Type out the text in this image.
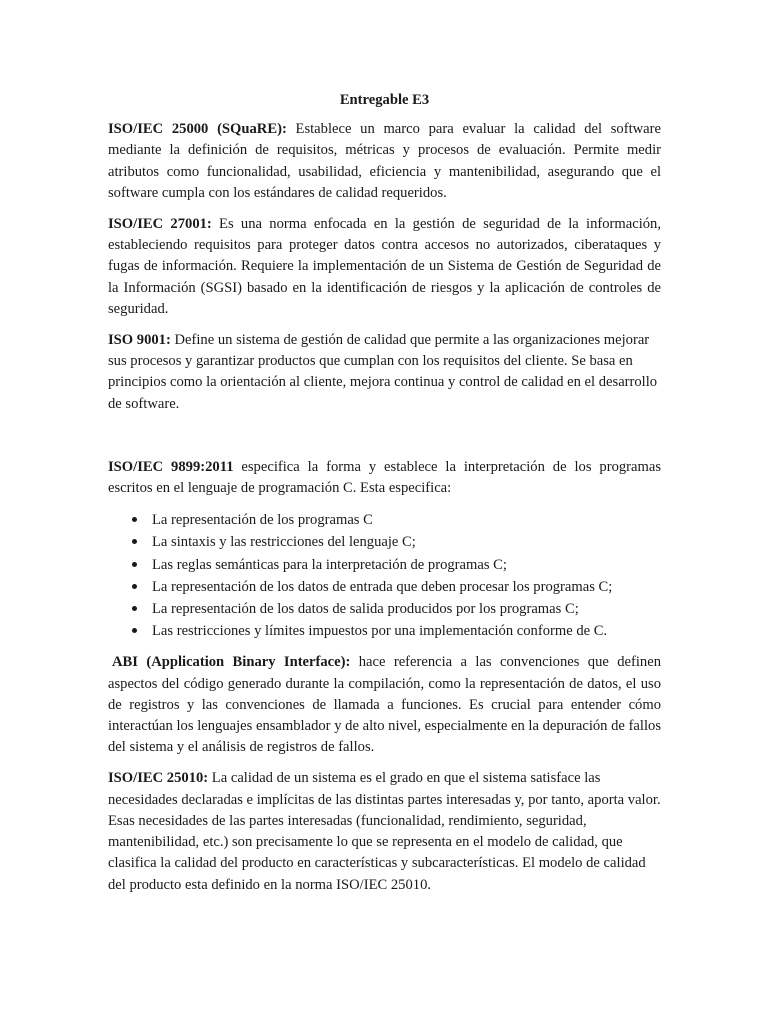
Entregable E3

ISO/IEC 25000 (SQuaRE): Establece un marco para evaluar la calidad del software mediante la definición de requisitos, métricas y procesos de evaluación. Permite medir atributos como funcionalidad, usabilidad, eficiencia y mantenibilidad, asegurando que el software cumpla con los estándares de calidad requeridos.

ISO/IEC 27001: Es una norma enfocada en la gestión de seguridad de la información, estableciendo requisitos para proteger datos contra accesos no autorizados, ciberataques y fugas de información. Requiere la implementación de un Sistema de Gestión de Seguridad de la Información (SGSI) basado en la identificación de riesgos y la aplicación de controles de seguridad.

ISO 9001: Define un sistema de gestión de calidad que permite a las organizaciones mejorar sus procesos y garantizar productos que cumplan con los requisitos del cliente. Se basa en principios como la orientación al cliente, mejora continua y control de calidad en el desarrollo de software.

ISO/IEC 9899:2011 especifica la forma y establece la interpretación de los programas escritos en el lenguaje de programación C. Esta especifica:

La representación de los programas C
La sintaxis y las restricciones del lenguaje C;
Las reglas semánticas para la interpretación de programas C;
La representación de los datos de entrada que deben procesar los programas C;
La representación de los datos de salida producidos por los programas C;
Las restricciones y límites impuestos por una implementación conforme de C.

ABI (Application Binary Interface): hace referencia a las convenciones que definen aspectos del código generado durante la compilación, como la representación de datos, el uso de registros y las convenciones de llamada a funciones. Es crucial para entender cómo interactúan los lenguajes ensamblador y de alto nivel, especialmente en la depuración de fallos del sistema y el análisis de registros de fallos.

ISO/IEC 25010: La calidad de un sistema es el grado en que el sistema satisface las necesidades declaradas e implícitas de las distintas partes interesadas y, por tanto, aporta valor. Esas necesidades de las partes interesadas (funcionalidad, rendimiento, seguridad, mantenibilidad, etc.) son precisamente lo que se representa en el modelo de calidad, que clasifica la calidad del producto en características y subcaracterísticas. El modelo de calidad del producto esta definido en la norma ISO/IEC 25010.
